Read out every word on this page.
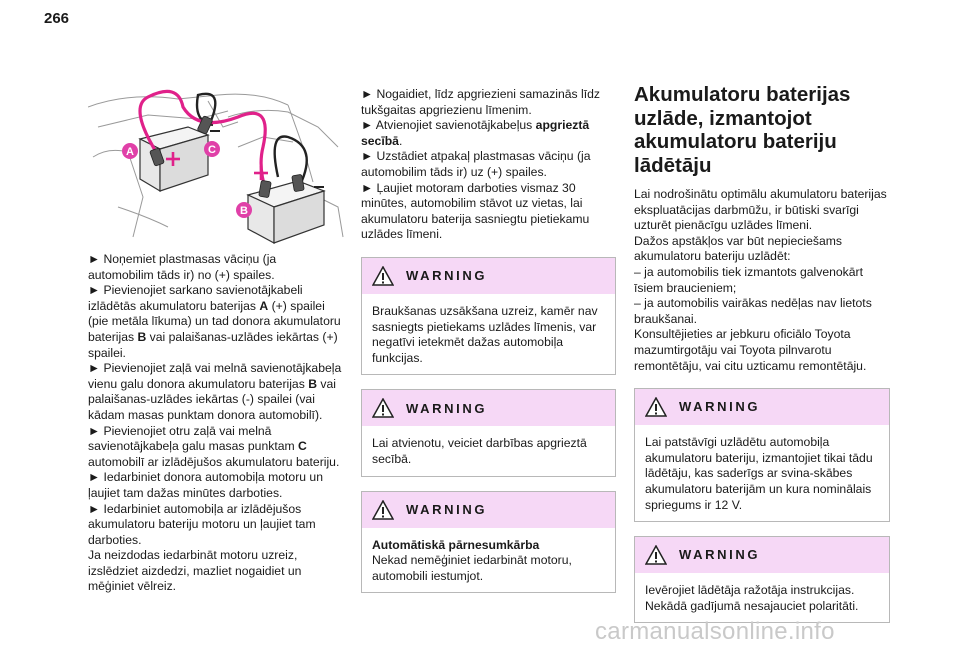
266
A	C
B

► Noņemiet plastmasas vāciņu (ja automobilim tāds ir) no (+) spailes.

► Pievienojiet sarkano savienotājkabeli izlādētās akumulatoru baterijas A (+) spailei (pie metāla līkuma) un tad donora akumulatoru baterijas B vai palaišanas-uzlādes iekārtas (+) spailei.

► Pievienojiet zaļā vai melnā savienotājkabeļa vienu galu donora akumulatoru baterijas B vai palaišanas-uzlādes iekārtas (-) spailei (vai kādam masas punktam donora automobilī).

► Pievienojiet otru zaļā vai melnā savienotājkabeļa galu masas punktam C automobilī ar izlādējušos akumulatoru bateriju.

► Iedarbiniet donora automobiļa motoru un ļaujiet tam dažas minūtes darboties.

► Iedarbiniet automobiļa ar izlādējušos akumulatoru bateriju motoru un ļaujiet tam darboties.

Ja neizdodas iedarbināt motoru uzreiz, izslēdziet aizdedzi, mazliet nogaidiet un mēģiniet vēlreiz.

► Nogaidiet, līdz apgriezieni samazinās līdz tukšgaitas apgriezienu līmenim.

► Atvienojiet savienotājkabeļus apgrieztā secībā.

► Uzstādiet atpakaļ plastmasas vāciņu (ja automobilim tāds ir) uz (+) spailes.

► Ļaujiet motoram darboties vismaz 30 minūtes, automobilim stāvot uz vietas, lai akumulatoru baterija sasniegtu pietiekamu uzlādes līmeni.

WARNING
Braukšanas uzsākšana uzreiz, kamēr nav sasniegts pietiekams uzlādes līmenis, var negatīvi ietekmēt dažas automobiļa funkcijas.
WARNING
Lai atvienotu, veiciet darbības apgrieztā secībā.
WARNING
Automātiskā pārnesumkārba
Nekad nemēģiniet iedarbināt motoru, automobili iestumjot.
Akumulatoru baterijas uzlāde, izmantojot akumulatoru bateriju lādētāju

Lai nodrošinātu optimālu akumulatoru baterijas ekspluatācijas darbmūžu, ir būtiski svarīgi uzturēt pienācīgu uzlādes līmeni.

Dažos apstākļos var būt nepieciešams akumulatoru bateriju uzlādēt:

– ja automobilis tiek izmantots galvenokārt īsiem braucieniem;

– ja automobilis vairākas nedēļas nav lietots braukšanai.

Konsultējieties ar jebkuru oficiālo Toyota mazumtirgotāju vai Toyota pilnvarotu remontētāju, vai citu uzticamu remontētāju.

WARNING
Lai patstāvīgi uzlādētu automobiļa akumulatoru bateriju, izmantojiet tikai tādu lādētāju, kas saderīgs ar svina-skābes akumulatoru baterijām un kura nominālais spriegums ir 12 V.
WARNING
Ievērojiet lādētāja ražotāja instrukcijas. Nekādā gadījumā nesajauciet polaritāti.
carmanualsonline.info
